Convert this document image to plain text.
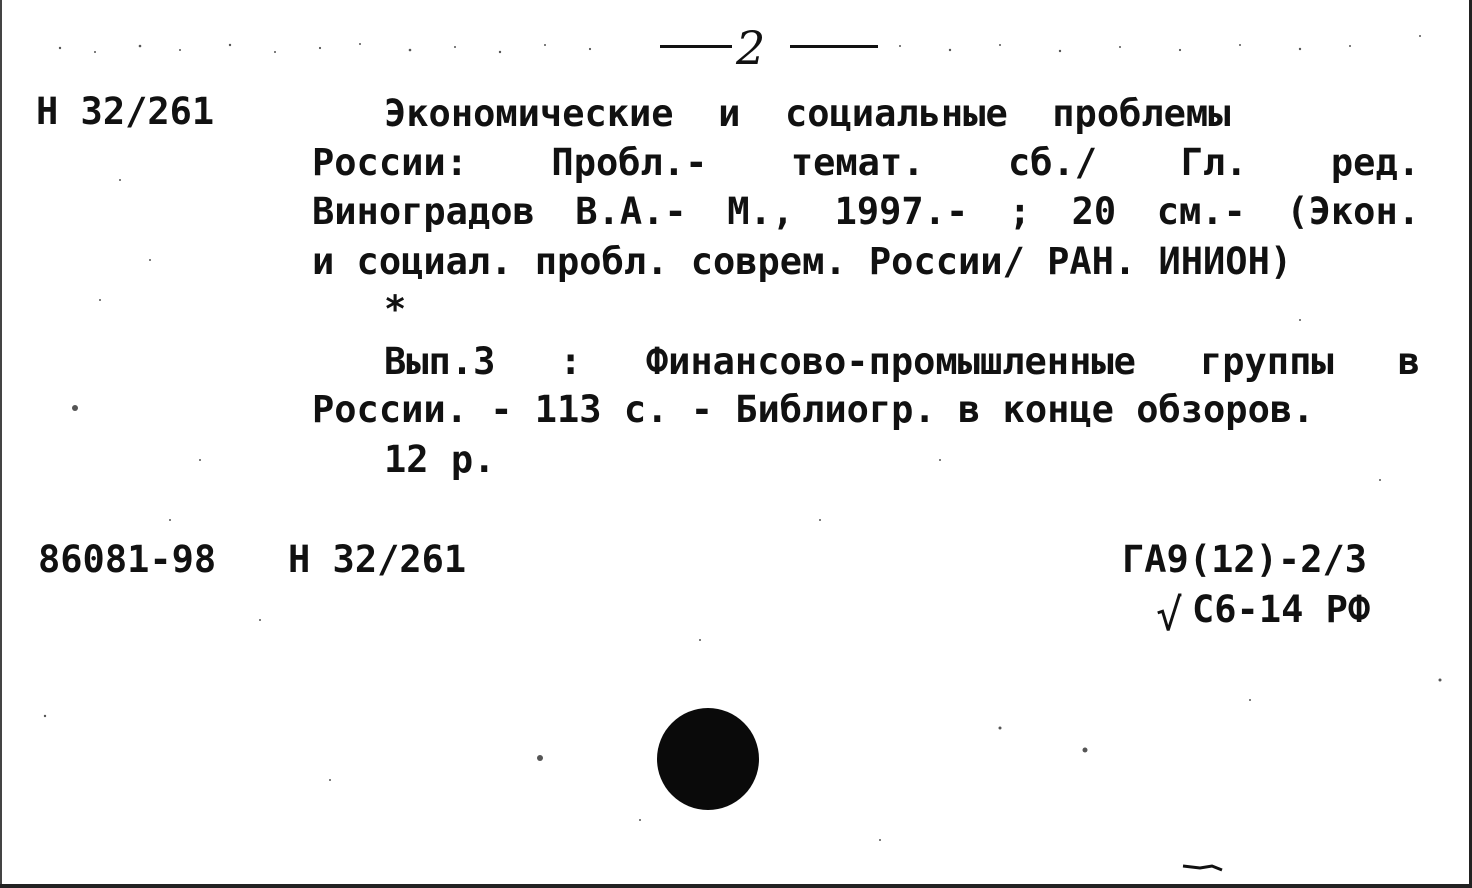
2
Н 32/261	Экономические  и  социальные  проблемы
России: Пробл.- темат. сб./ Гл. ред.
Виноградов В.А.- М., 1997.- ; 20 см.- (Экон.
и социал. пробл. соврем. России/ РАН. ИНИОН)
*
Вып.3 : Финансово-промышленные группы в
России. - 113 с. - Библиогр. в конце обзоров.
12 р.
86081-98 Н 32/261	ГА9(12)-2/3
√ С6-14 РФ
